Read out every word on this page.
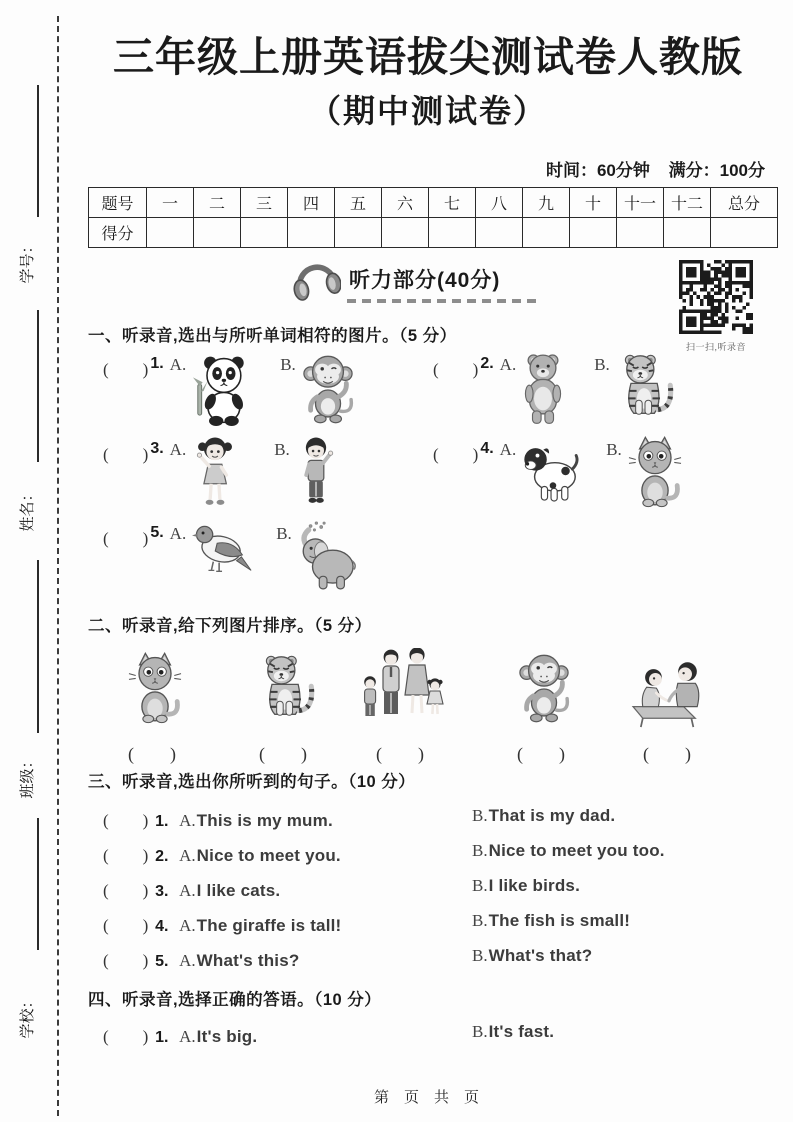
学号：
姓名：
班级：
学校：
三年级上册英语拔尖测试卷人教版
（期中测试卷）
时间：60分钟 满分：100分
题号	一	二	三	四	五	六	七	八	九	十	十一	十二	总分
得分													
听力部分(40分)
扫一扫,听录音
一、听录音,选出与所听单词相符的图片。（5 分）
(　　) 1. A.	B.	(　　) 2. A.	B.
(　　) 3. A.	B.	(　　) 4. A.	B.
(　　) 5. A.	B.
二、听录音,给下列图片排序。（5 分）
(　　)	(　　)	(　　)	(　　)	(　　)
三、听录音,选出你所听到的句子。（10 分）
(　　) 1. A.This is my mum.	B.That is my dad.
(　　) 2. A.Nice to meet you.	B.Nice to meet you too.
(　　) 3. A.I like cats.	B.I like birds.
(　　) 4. A.The giraffe is tall!	B.The fish is small!
(　　) 5. A.What's this?	B.What's that?
四、听录音,选择正确的答语。（10 分）
(　　) 1. A.It's big.	B.It's fast.
第　页　共　页
